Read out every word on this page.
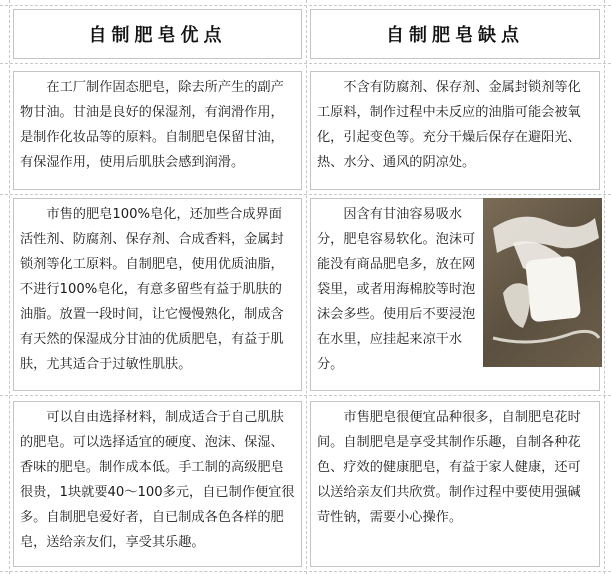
自制肥皂优点	自制肥皂缺点

在工厂制作固态肥皂，除去所产生的副产物甘油。甘油是良好的保湿剂，有润滑作用，是制作化妆品等的原料。自制肥皂保留甘油，有保湿作用，使用后肌肤会感到润滑。

不含有防腐剂、保存剂、金属封锁剂等化工原料，制作过程中未反应的油脂可能会被氧化，引起变色等。充分干燥后保存在避阳光、热、水分、通风的阴凉处。

市售的肥皂100%皂化，还加些合成界面活性剂、防腐剂、保存剂、合成香料，金属封锁剂等化工原料。自制肥皂，使用优质油脂，不进行100%皂化，有意多留些有益于肌肤的油脂。放置一段时间，让它慢慢熟化，制成含有天然的保湿成分甘油的优质肥皂，有益于肌肤，尤其适合于过敏性肌肤。

因含有甘油容易吸水分，肥皂容易软化。泡沫可能没有商品肥皂多，放在网袋里，或者用海棉胶等时泡沫会多些。使用后不要浸泡在水里，应挂起来凉干水分。

可以自由选择材料，制成适合于自己肌肤的肥皂。可以选择适宜的硬度、泡沫、保湿、香味的肥皂。制作成本低。手工制的高级肥皂很贵，1块就要40～100多元，自已制作便宜很多。自制肥皂爱好者，自已制成各色各样的肥皂，送给亲友们，享受其乐趣。

市售肥皂很便宜品种很多，自制肥皂花时间。自制肥皂是享受其制作乐趣，自制各种花色、疗效的健康肥皂，有益于家人健康，还可以送给亲友们共欣赏。制作过程中要使用强碱苛性钠，需要小心操作。
